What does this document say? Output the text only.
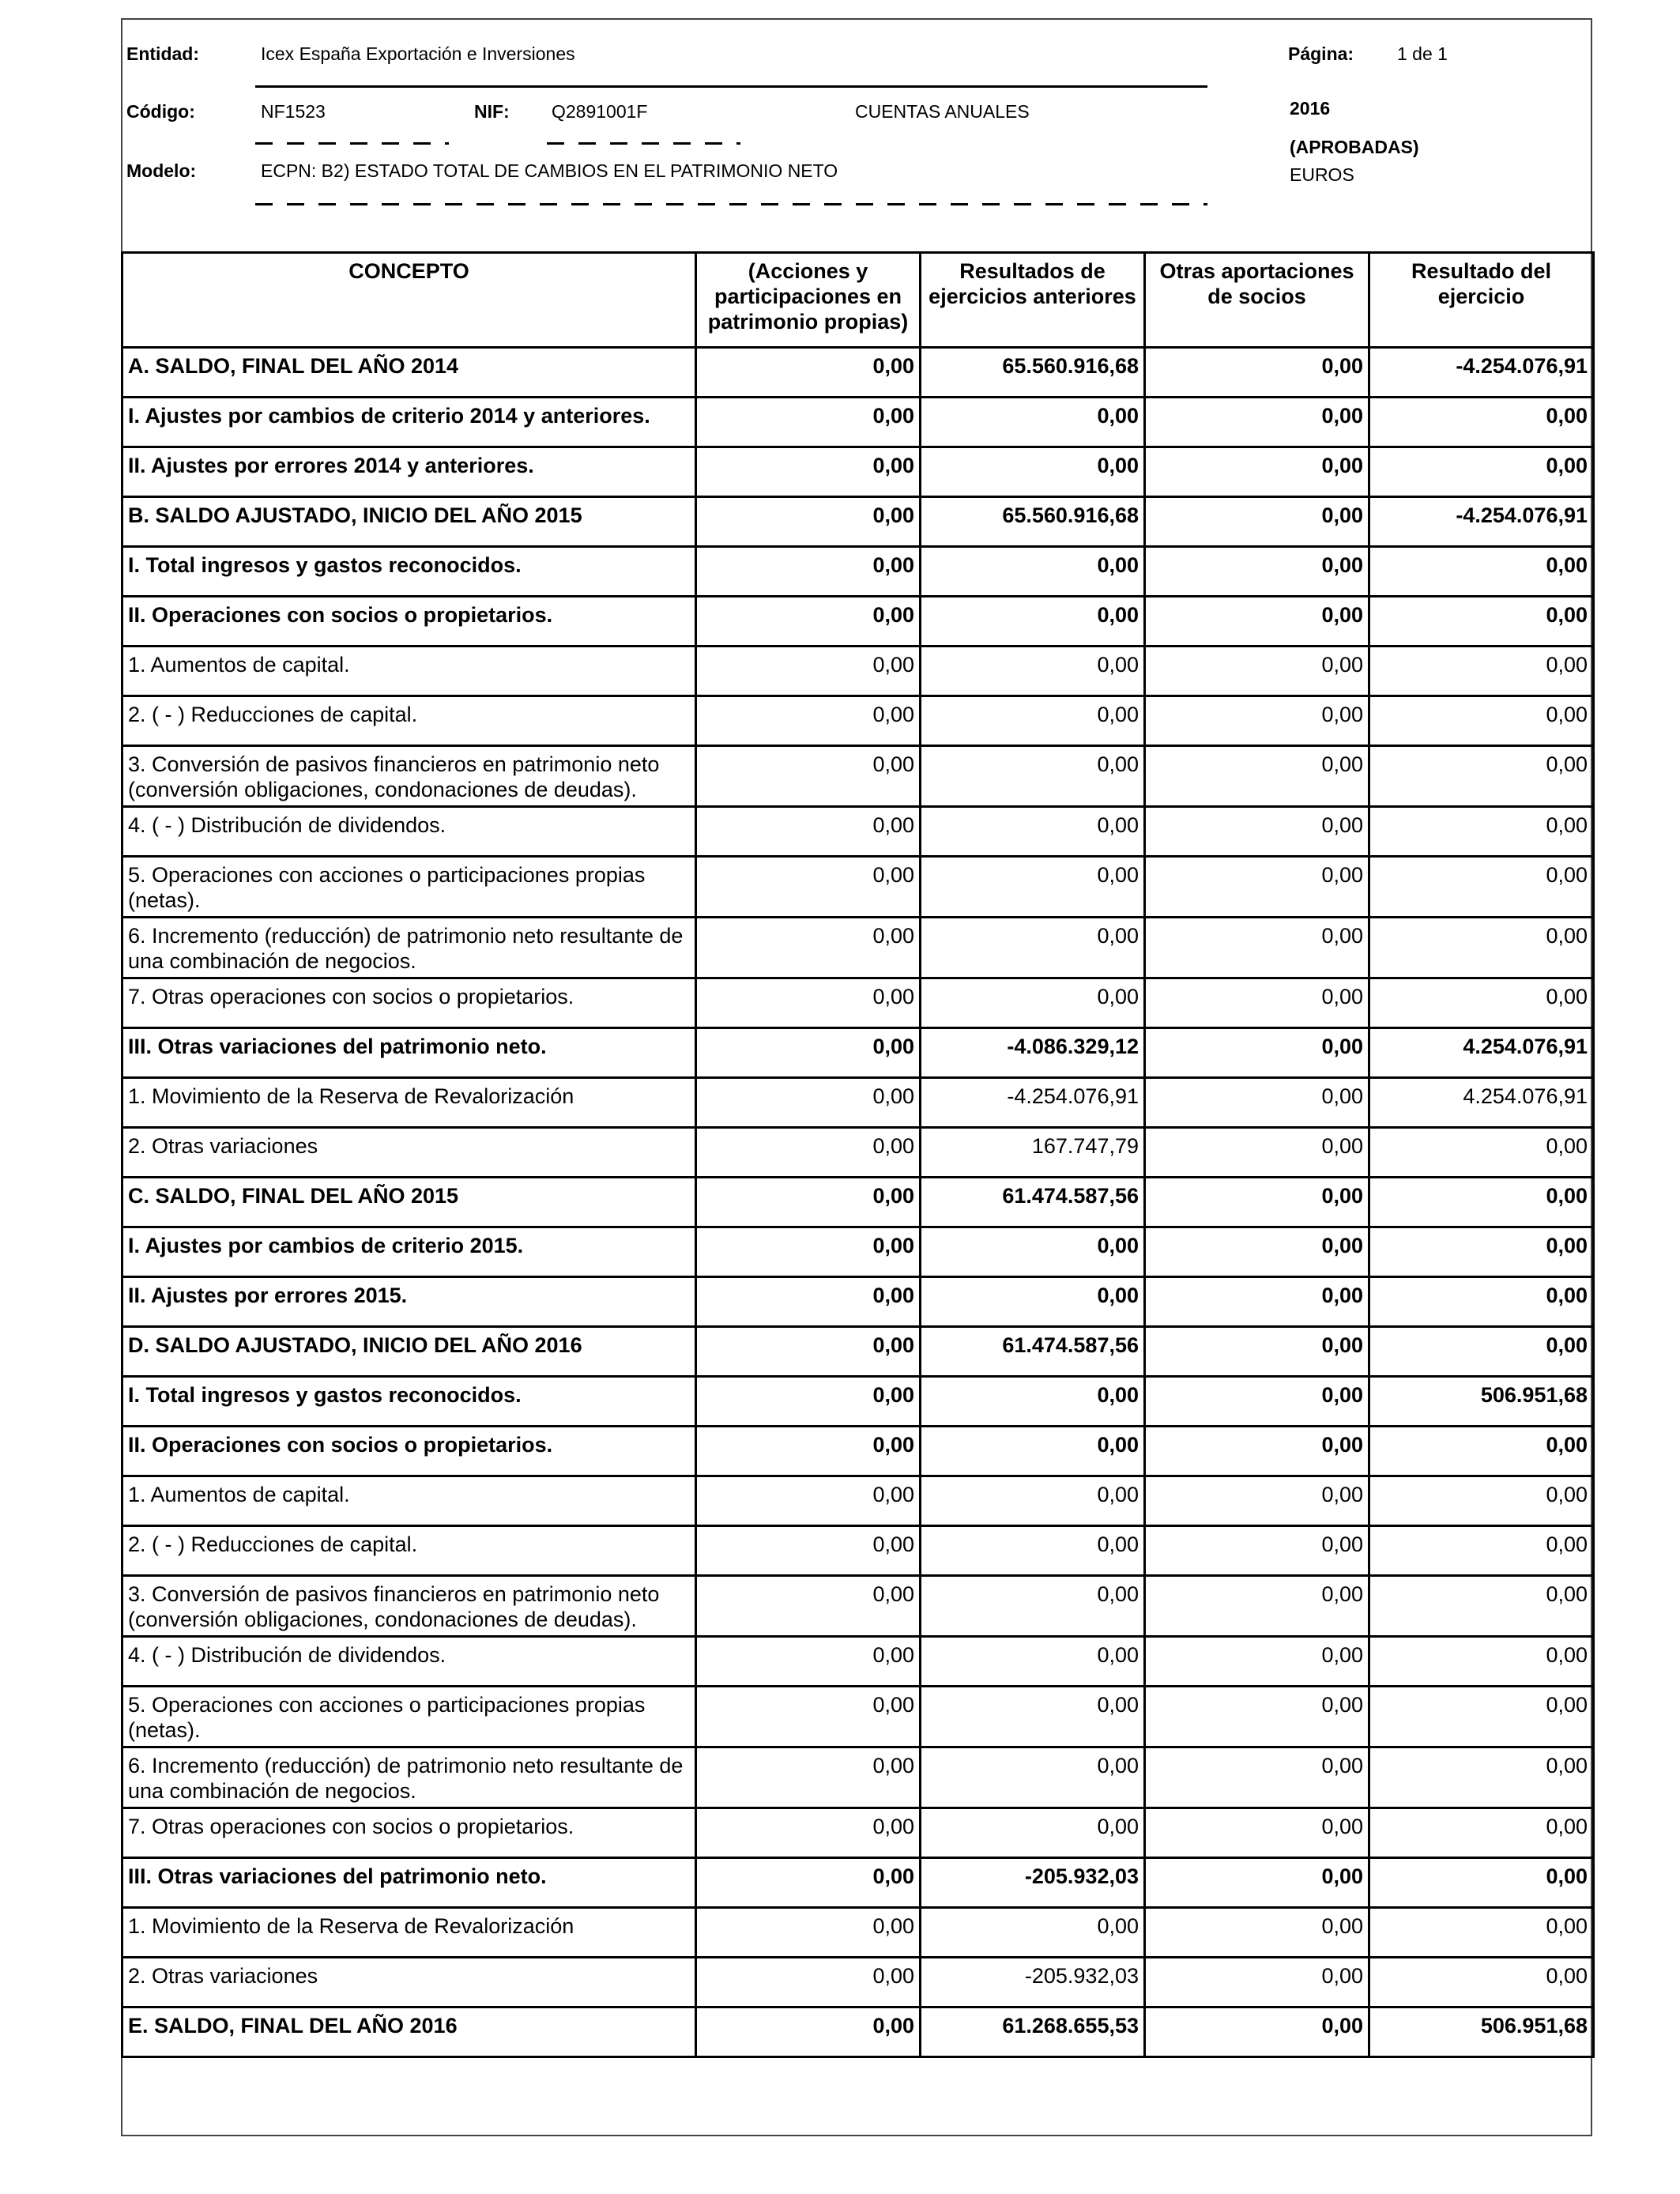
Entidad:	Icex España Exportación e Inversiones	Página: 1 de 1
Código:	NF1523	NIF: Q2891001F	CUENTAS ANUALES	2016
(APROBADAS)
EUROS
Modelo:	ECPN: B2) ESTADO TOTAL DE CAMBIOS EN EL PATRIMONIO NETO
CONCEPTO	(Acciones y participaciones en patrimonio propias)	Resultados de ejercicios anteriores	Otras aportaciones de socios	Resultado del ejercicio
A. SALDO, FINAL DEL AÑO 2014	0,00	65.560.916,68	0,00	-4.254.076,91
I. Ajustes por cambios de criterio 2014 y anteriores.	0,00	0,00	0,00	0,00
II. Ajustes por errores 2014 y anteriores.	0,00	0,00	0,00	0,00
B. SALDO AJUSTADO, INICIO DEL AÑO 2015	0,00	65.560.916,68	0,00	-4.254.076,91
I. Total ingresos y gastos reconocidos.	0,00	0,00	0,00	0,00
II. Operaciones con socios o propietarios.	0,00	0,00	0,00	0,00
1. Aumentos de capital.	0,00	0,00	0,00	0,00
2. ( - ) Reducciones de capital.	0,00	0,00	0,00	0,00
3. Conversión de pasivos financieros en patrimonio neto (conversión obligaciones, condonaciones de deudas).	0,00	0,00	0,00	0,00
4. ( - ) Distribución de dividendos.	0,00	0,00	0,00	0,00
5. Operaciones con acciones o participaciones propias (netas).	0,00	0,00	0,00	0,00
6. Incremento (reducción) de patrimonio neto resultante de una combinación de negocios.	0,00	0,00	0,00	0,00
7. Otras operaciones con socios o propietarios.	0,00	0,00	0,00	0,00
III. Otras variaciones del patrimonio neto.	0,00	-4.086.329,12	0,00	4.254.076,91
1. Movimiento de la Reserva de Revalorización	0,00	-4.254.076,91	0,00	4.254.076,91
2. Otras variaciones	0,00	167.747,79	0,00	0,00
C. SALDO, FINAL DEL AÑO 2015	0,00	61.474.587,56	0,00	0,00
I. Ajustes por cambios de criterio 2015.	0,00	0,00	0,00	0,00
II. Ajustes por errores 2015.	0,00	0,00	0,00	0,00
D. SALDO AJUSTADO, INICIO DEL AÑO 2016	0,00	61.474.587,56	0,00	0,00
I. Total ingresos y gastos reconocidos.	0,00	0,00	0,00	506.951,68
II. Operaciones con socios o propietarios.	0,00	0,00	0,00	0,00
1. Aumentos de capital.	0,00	0,00	0,00	0,00
2. ( - ) Reducciones de capital.	0,00	0,00	0,00	0,00
3. Conversión de pasivos financieros en patrimonio neto (conversión obligaciones, condonaciones de deudas).	0,00	0,00	0,00	0,00
4. ( - ) Distribución de dividendos.	0,00	0,00	0,00	0,00
5. Operaciones con acciones o participaciones propias (netas).	0,00	0,00	0,00	0,00
6. Incremento (reducción) de patrimonio neto resultante de una combinación de negocios.	0,00	0,00	0,00	0,00
7. Otras operaciones con socios o propietarios.	0,00	0,00	0,00	0,00
III. Otras variaciones del patrimonio neto.	0,00	-205.932,03	0,00	0,00
1. Movimiento de la Reserva de Revalorización	0,00	0,00	0,00	0,00
2. Otras variaciones	0,00	-205.932,03	0,00	0,00
E. SALDO, FINAL DEL AÑO 2016	0,00	61.268.655,53	0,00	506.951,68
